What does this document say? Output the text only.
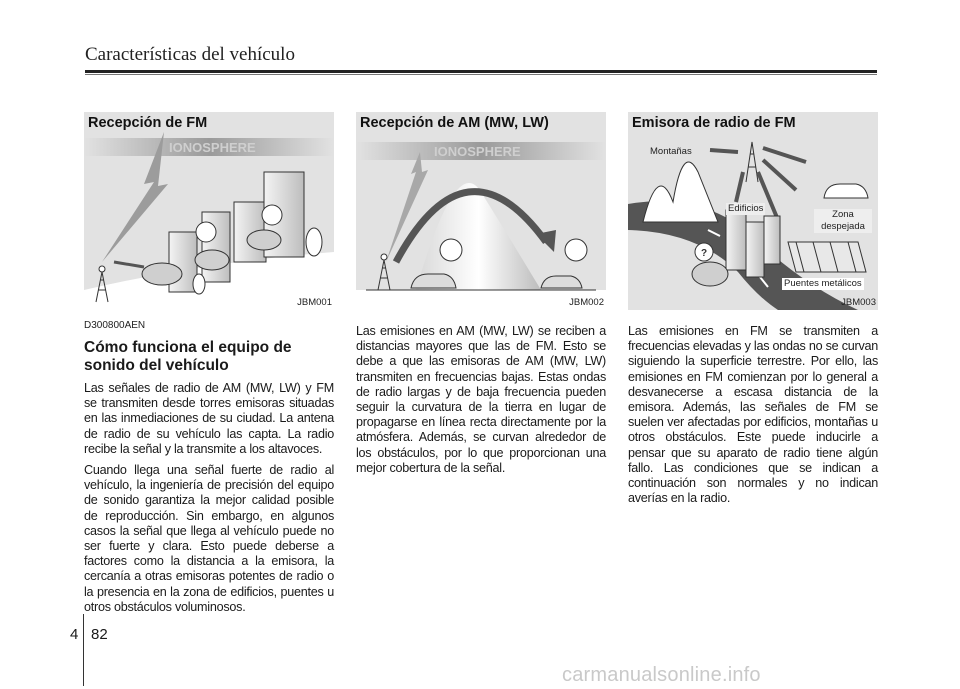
Características del vehículo
IONOSPHERE
Recepción de FM
JBM001
D300800AEN
Cómo funciona el equipo de sonido del vehículo

Las señales de radio de AM (MW, LW) y FM se transmiten desde torres emisoras situadas en las inmediaciones de su ciudad. La antena de radio de su vehículo las capta. La radio recibe la señal y la transmite a los altavoces.

Cuando llega una señal fuerte de radio al vehículo, la ingeniería de precisión del equipo de sonido garantiza la mejor calidad posible de reproducción. Sin embargo, en algunos casos la señal que llega al vehículo puede no ser fuerte y clara. Esto puede deberse a factores como la distancia a la emisora, la cercanía a otras emisoras potentes de radio o la presencia en la zona de edificios, puentes u otros obstáculos voluminosos.

IONOSPHERE
Recepción de AM (MW, LW)
JBM002

Las emisiones en AM (MW, LW) se reciben a distancias mayores que las de FM. Esto se debe a que las emisoras de AM (MW, LW) transmiten en frecuencias bajas. Estas ondas de radio largas y de baja frecuencia pueden seguir la curvatura de la tierra en lugar de propagarse en línea recta directamente por la atmósfera. Además, se curvan alrededor de los obstáculos, por lo que proporcionan una mejor cobertura de la señal.

?
Emisora de radio de FM
Montañas
Edificios
Zona
despejada
Puentes metálicos
JBM003

Las emisiones en FM se transmiten a frecuencias elevadas y las ondas no se curvan siguiendo la superficie terrestre. Por ello, las emisiones en FM comienzan por lo general a desvanecerse a escasa distancia de la emisora. Además, las señales de FM se suelen ver afectadas por edificios, montañas u otros obstáculos. Este puede inducirle a pensar que su aparato de radio tiene algún fallo. Las condiciones que se indican a continuación son normales y no indican averías en la radio.

4 82
carmanualsonline.info
